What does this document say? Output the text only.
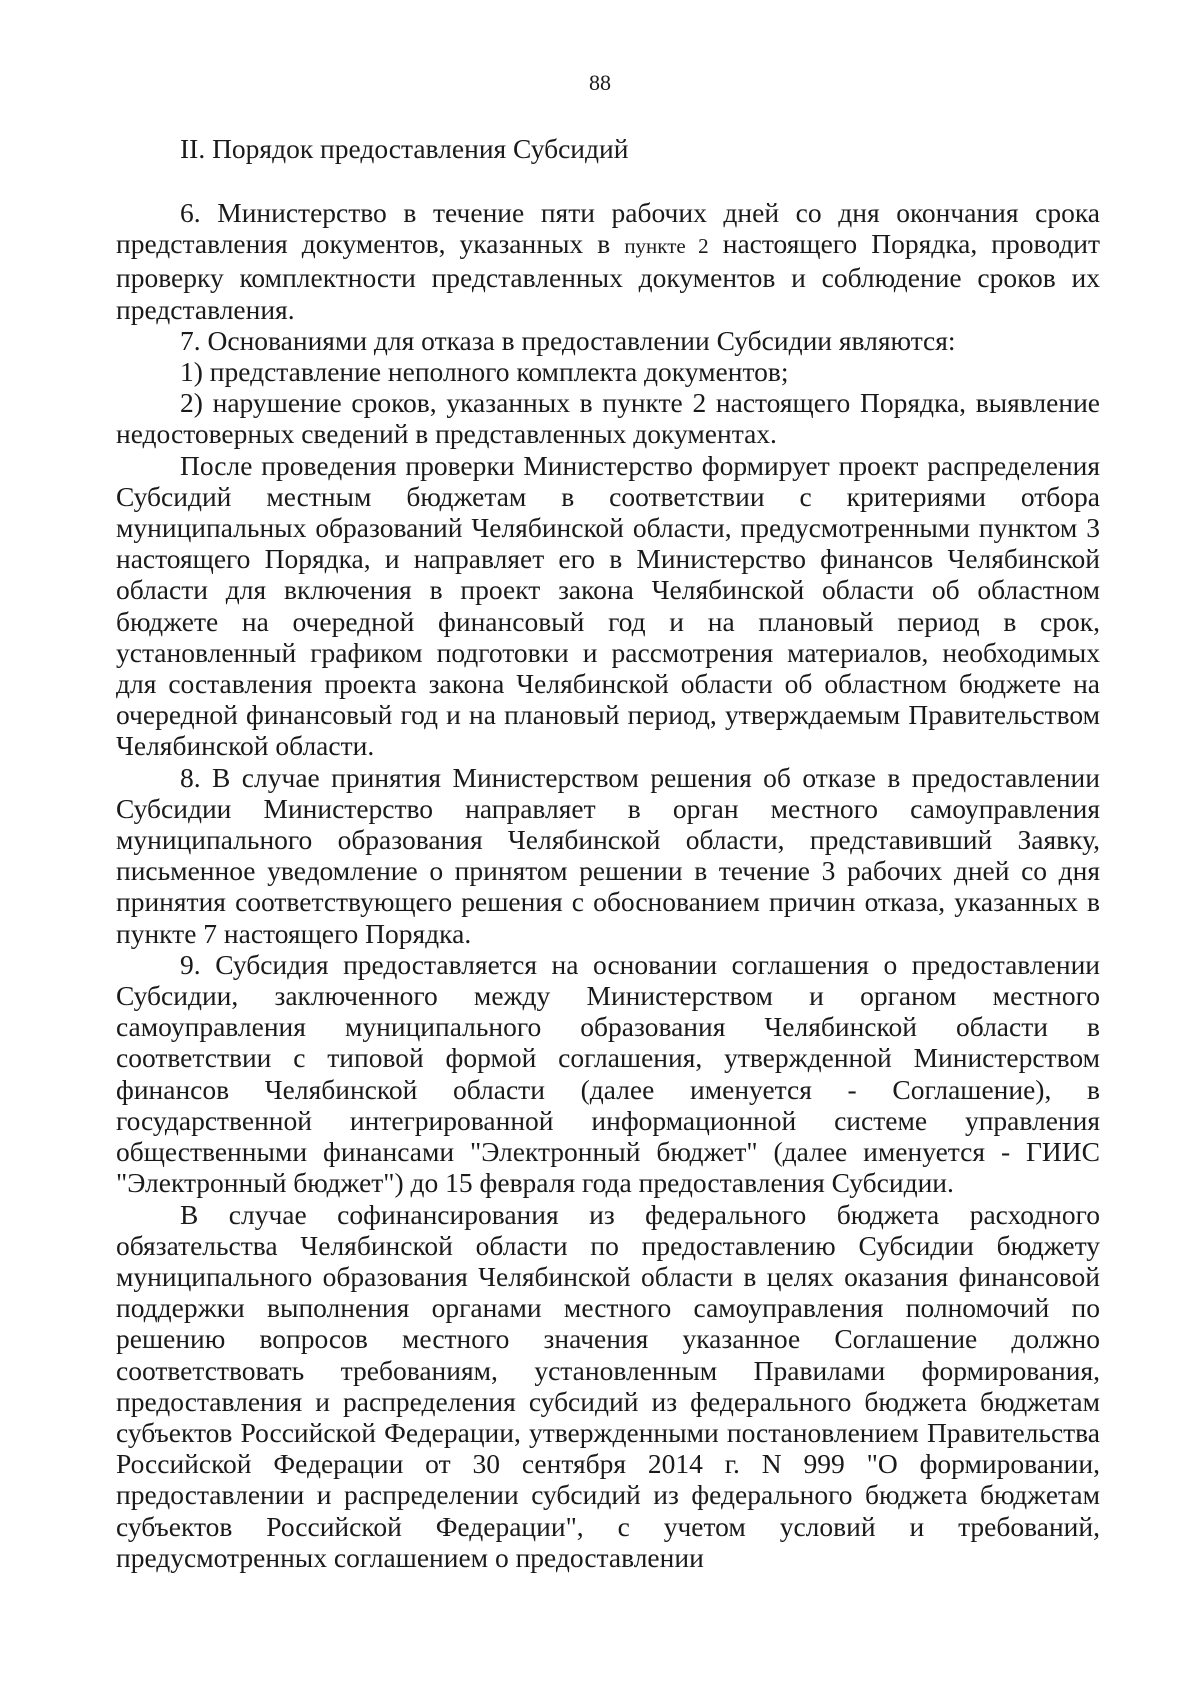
88
II. Порядок предоставления Субсидий

6. Министерство в течение пяти рабочих дней со дня окончания срока представления документов, указанных в пункте 2 настоящего Порядка, проводит проверку комплектности представленных документов и соблюдение сроков их представления.

7. Основаниями для отказа в предоставлении Субсидии являются:

1) представление неполного комплекта документов;

2) нарушение сроков, указанных в пункте 2 настоящего Порядка, выявление недостоверных сведений в представленных документах.

После проведения проверки Министерство формирует проект распределения Субсидий местным бюджетам в соответствии с критериями отбора муниципальных образований Челябинской области, предусмотренными пунктом 3 настоящего Порядка, и направляет его в Министерство финансов Челябинской области для включения в проект закона Челябинской области об областном бюджете на очередной финансовый год и на плановый период в срок, установленный графиком подготовки и рассмотрения материалов, необходимых для составления проекта закона Челябинской области об областном бюджете на очередной финансовый год и на плановый период, утверждаемым Правительством Челябинской области.

8. В случае принятия Министерством решения об отказе в предоставлении Субсидии Министерство направляет в орган местного самоуправления муниципального образования Челябинской области, представивший Заявку, письменное уведомление о принятом решении в течение 3 рабочих дней со дня принятия соответствующего решения с обоснованием причин отказа, указанных в пункте 7 настоящего Порядка.

9. Субсидия предоставляется на основании соглашения о предоставлении Субсидии, заключенного между Министерством и органом местного самоуправления муниципального образования Челябинской области в соответствии с типовой формой соглашения, утвержденной Министерством финансов Челябинской области (далее именуется - Соглашение), в государственной интегрированной информационной системе управления общественными финансами "Электронный бюджет" (далее именуется - ГИИС "Электронный бюджет") до 15 февраля года предоставления Субсидии.

В случае софинансирования из федерального бюджета расходного обязательства Челябинской области по предоставлению Субсидии бюджету муниципального образования Челябинской области в целях оказания финансовой поддержки выполнения органами местного самоуправления полномочий по решению вопросов местного значения указанное Соглашение должно соответствовать требованиям, установленным Правилами формирования, предоставления и распределения субсидий из федерального бюджета бюджетам субъектов Российской Федерации, утвержденными постановлением Правительства Российской Федерации от 30 сентября 2014 г. N 999 "О формировании, предоставлении и распределении субсидий из федерального бюджета бюджетам субъектов Российской Федерации", с учетом условий и требований, предусмотренных соглашением о предоставлении
